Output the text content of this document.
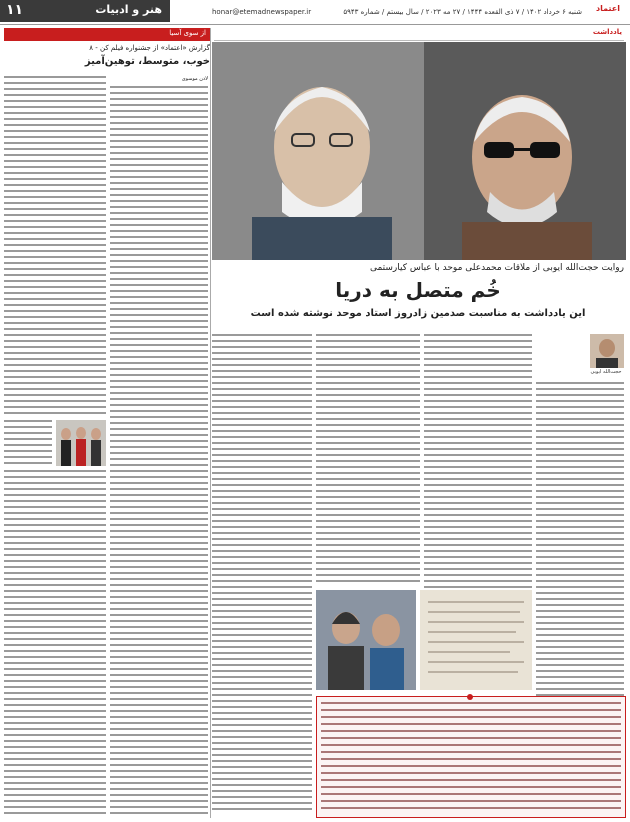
۱۱	هنر و ادبیات	honar@etemadnewspaper.ir	شنبه ۶ خرداد ۱۴۰۲ / ۷ ذی القعده ۱۴۴۴ / ۲۷ مه ۲۰۲۳ / سال بیستم / شماره ۵۹۴۳ اعتماد
یادداشت
روایت حجت‌الله ایوبی از ملاقات محمدعلی موحد با عباس کیارستمی
خُم متصل به دریا
این یادداشت به مناسبت صدمین زادروز استاد موحد نوشته شده است
حجت‌الله ایوبی
از سوی آسیا
گزارش «اعتماد» از جشنواره فیلم کن - ۸
خوب، متوسط، توهین‌آمیز
لادن موسوی
